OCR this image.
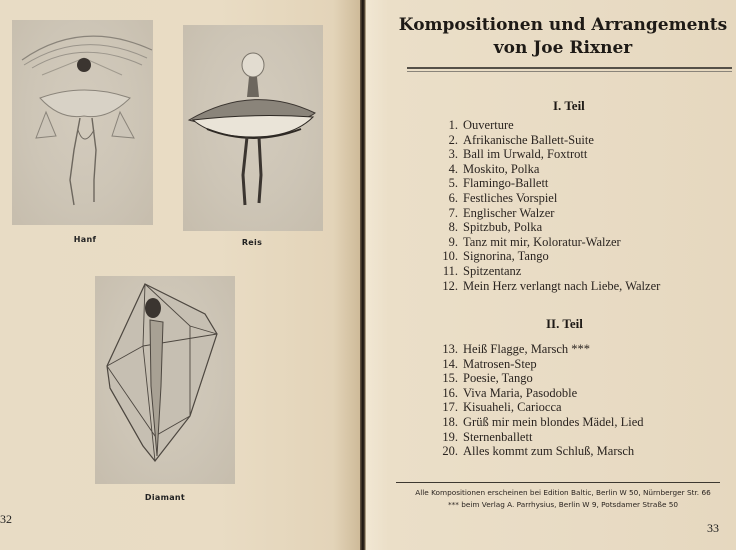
Hanf	Reis
Diamant
32
Kompositionen und Arrangements
von Joe Rixner
I. Teil
1. Ouverture
2. Afrikanische Ballett-Suite
3. Ball im Urwald, Foxtrott
4. Moskito, Polka
5. Flamingo-Ballett
6. Festliches Vorspiel
7. Englischer Walzer
8. Spitzbub, Polka
9. Tanz mit mir, Koloratur-Walzer
10. Signorina, Tango
11. Spitzentanz
12. Mein Herz verlangt nach Liebe, Walzer
II. Teil
13. Heiß Flagge, Marsch ***
14. Matrosen-Step
15. Poesie, Tango
16. Viva Maria, Pasodoble
17. Kisuaheli, Cariocca
18. Grüß mir mein blondes Mädel, Lied
19. Sternenballett
20. Alles kommt zum Schluß, Marsch
Alle Kompositionen erscheinen bei Edition Baltic, Berlin W 50, Nürnberger Str. 66
*** beim Verlag A. Parrhysius, Berlin W 9, Potsdamer Straße 50
33
